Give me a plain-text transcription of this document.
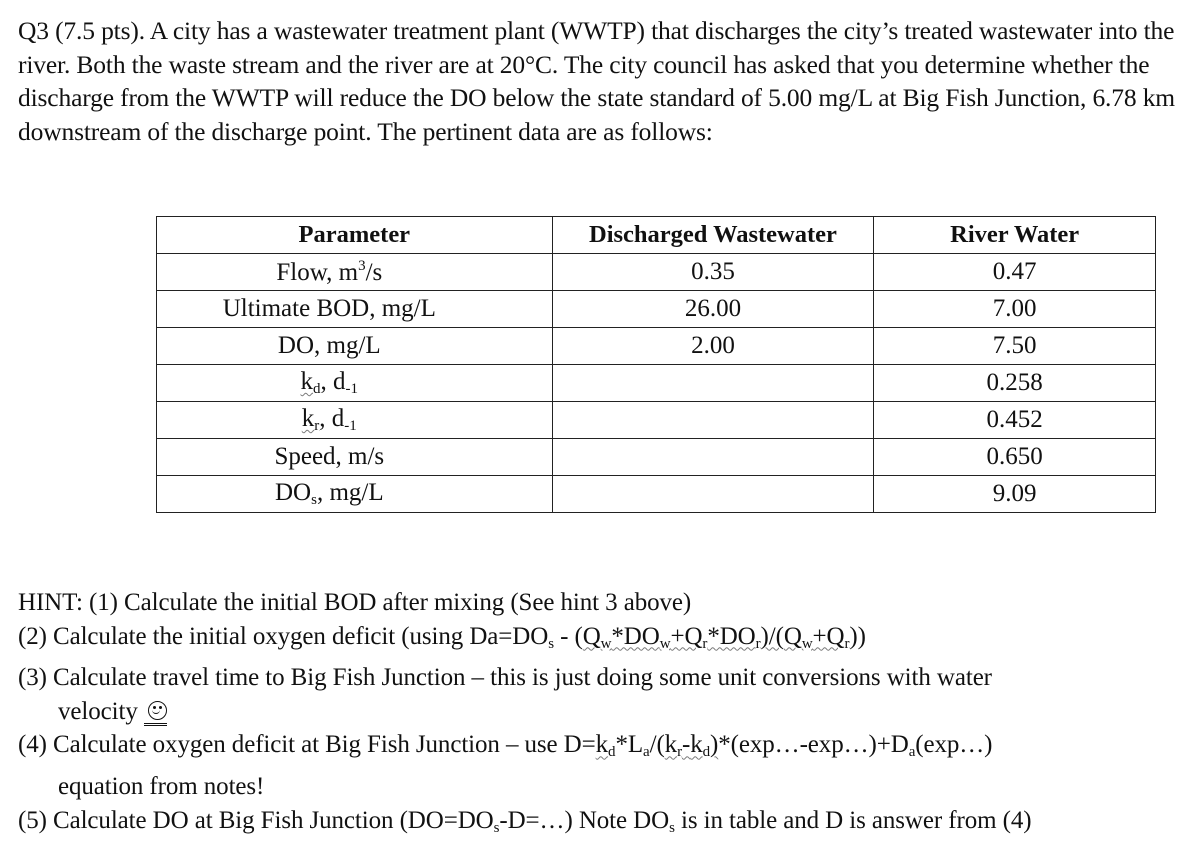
Q3 (7.5 pts). A city has a wastewater treatment plant (WWTP) that discharges the city’s treated wastewater into the river. Both the waste stream and the river are at 20°C. The city council has asked that you determine whether the discharge from the WWTP will reduce the DO below the state standard of 5.00 mg/L at Big Fish Junction, 6.78 km downstream of the discharge point. The pertinent data are as follows:

Parameter	Discharged Wastewater	River Water
Flow, $m^3/s$	0.35	0.47
Ultimate BOD, mg/L	26.00	7.00
DO, mg/L	2.00	7.50
kd, d-1		0.258
kr, d-1		0.452
Speed, m/s		0.650
DOs, mg/L		9.09

HINT: (1) Calculate the initial BOD after mixing (See hint 3 above)

(2) Calculate the initial oxygen deficit (using Da=DOs - (Qw*DOw+Qr*DOr)/(Qw+Qr))

(3) Calculate travel time to Big Fish Junction – this is just doing some unit conversions with water

velocity

(4) Calculate oxygen deficit at Big Fish Junction – use D=kd*La/(kr-kd)*(exp…-exp…)+Da(exp…)

equation from notes!

(5) Calculate DO at Big Fish Junction (DO=DOs-D=…) Note DOs is in table and D is answer from (4)
